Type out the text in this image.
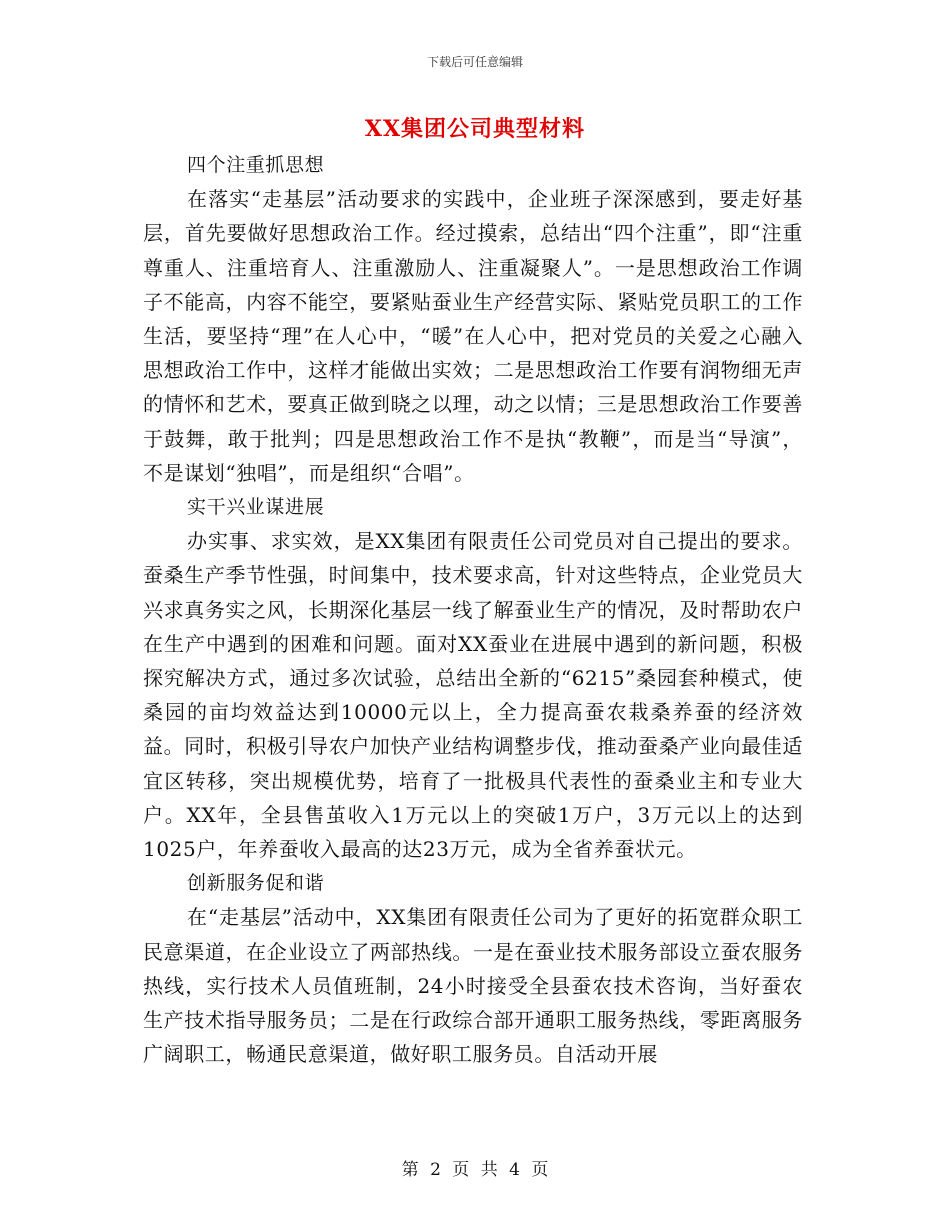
下载后可任意编辑
XX集团公司典型材料

四个注重抓思想

在落实“走基层”活动要求的实践中，企业班子深深感到，要走好基层，首先要做好思想政治工作。经过摸索，总结出“四个注重”，即“注重尊重人、注重培育人、注重激励人、注重凝聚人”。一是思想政治工作调子不能高，内容不能空，要紧贴蚕业生产经营实际、紧贴党员职工的工作生活，要坚持“理”在人心中，“暖”在人心中，把对党员的关爱之心融入思想政治工作中，这样才能做出实效；二是思想政治工作要有润物细无声的情怀和艺术，要真正做到晓之以理，动之以情；三是思想政治工作要善于鼓舞，敢于批判；四是思想政治工作不是执“教鞭”，而是当“导演”，不是谋划“独唱”，而是组织“合唱”。

实干兴业谋进展

办实事、求实效，是XX集团有限责任公司党员对自己提出的要求。蚕桑生产季节性强，时间集中，技术要求高，针对这些特点，企业党员大兴求真务实之风，长期深化基层一线了解蚕业生产的情况，及时帮助农户在生产中遇到的困难和问题。面对XX蚕业在进展中遇到的新问题，积极探究解决方式，通过多次试验，总结出全新的“6215”桑园套种模式，使桑园的亩均效益达到10000元以上，全力提高蚕农栽桑养蚕的经济效益。同时，积极引导农户加快产业结构调整步伐，推动蚕桑产业向最佳适宜区转移，突出规模优势，培育了一批极具代表性的蚕桑业主和专业大户。XX年，全县售茧收入1万元以上的突破1万户，3万元以上的达到1025户，年养蚕收入最高的达23万元，成为全省养蚕状元。

创新服务促和谐

在“走基层”活动中，XX集团有限责任公司为了更好的拓宽群众职工民意渠道，在企业设立了两部热线。一是在蚕业技术服务部设立蚕农服务热线，实行技术人员值班制，24小时接受全县蚕农技术咨询，当好蚕农生产技术指导服务员；二是在行政综合部开通职工服务热线，零距离服务广阔职工，畅通民意渠道，做好职工服务员。自活动开展

第 2 页 共 4 页
